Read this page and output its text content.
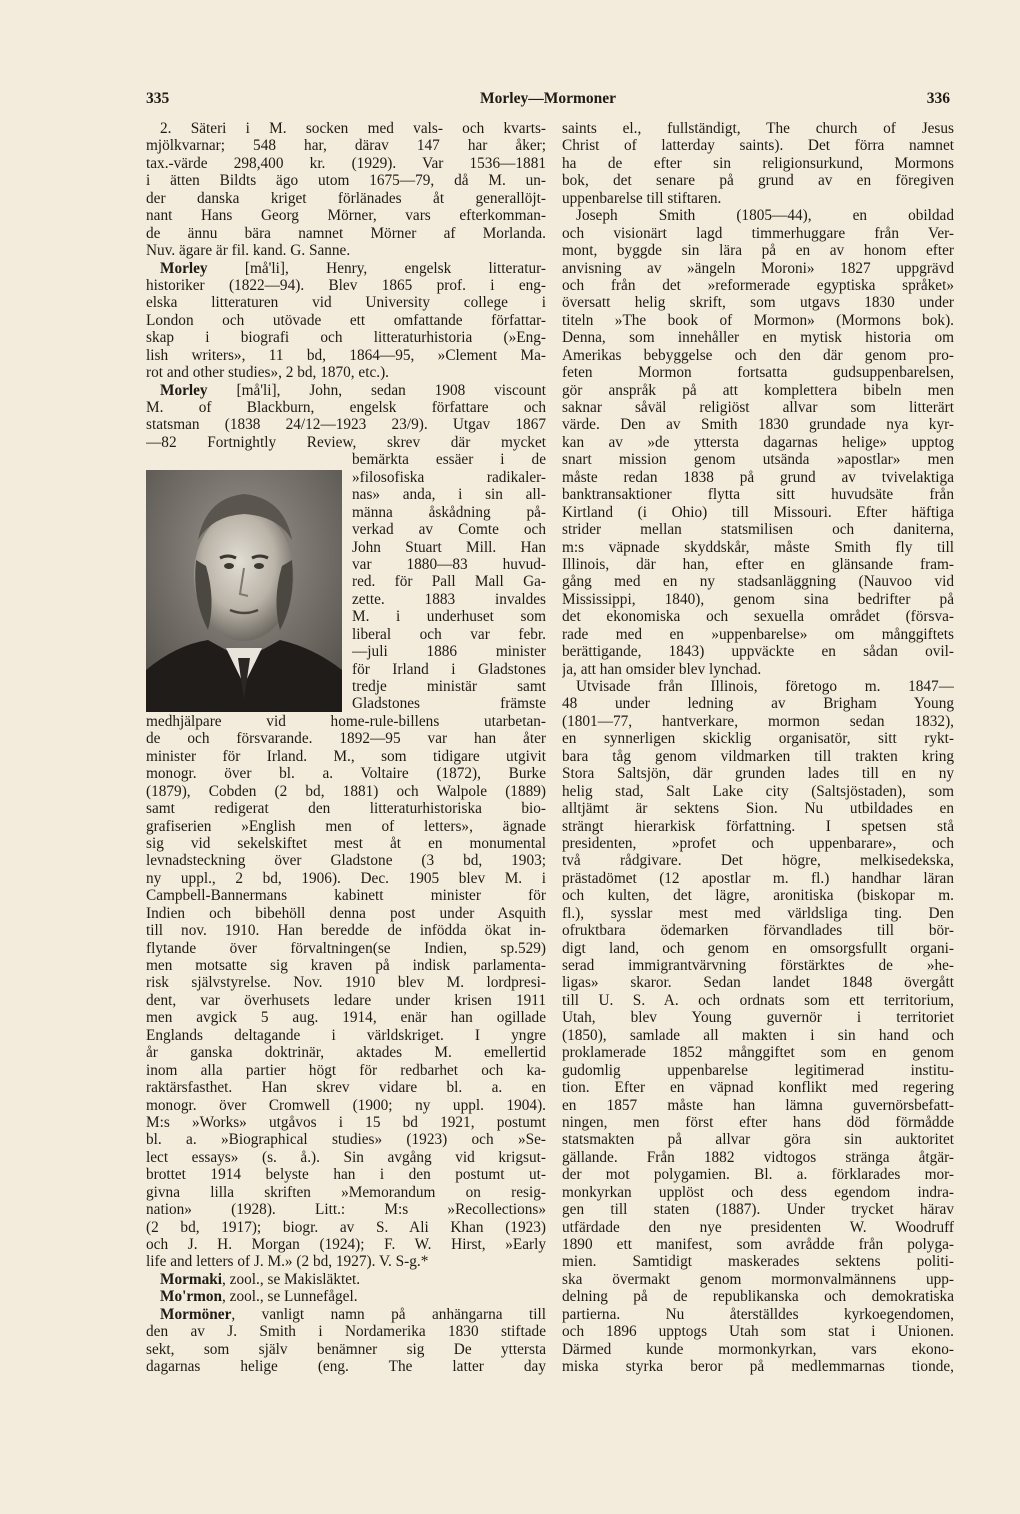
335	Morley—Mormoner	336
2. Säteri i M. socken med vals- och kvarts-
mjölkvarnar; 548 har, därav 147 har åker;
tax.-värde 298,400 kr. (1929). Var 1536—1881
i ätten Bildts ägo utom 1675—79, då M. un-
der danska kriget förlänades åt generallöjt-
nant Hans Georg Mörner, vars efterkomman-
de ännu bära namnet Mörner af Morlanda.
Nuv. ägare är fil. kand. G. Sanne.
Morley [må'li], Henry, engelsk litteratur-
historiker (1822—94). Blev 1865 prof. i eng-
elska litteraturen vid University college i
London och utövade ett omfattande författar-
skap i biografi och litteraturhistoria (»Eng-
lish writers», 11 bd, 1864—95, »Clement Ma-
rot and other studies», 2 bd, 1870, etc.).
Morley [må'li], John, sedan 1908 viscount
M. of Blackburn, engelsk författare och
statsman (1838 24/12—1923 23/9). Utgav 1867
—82 Fortnightly Review, skrev där mycket
bemärkta essäer i de
»filosofiska radikaler-
nas» anda, i sin all-
männa åskådning på-
verkad av Comte och
John Stuart Mill. Han
var 1880—83 huvud-
red. för Pall Mall Ga-
zette. 1883 invaldes
M. i underhuset som
liberal och var febr.
—juli 1886 minister
för Irland i Gladstones
tredje ministär samt
Gladstones främste
medhjälpare vid home-rule-billens utarbetan-
de och försvarande. 1892—95 var han åter
minister för Irland. M., som tidigare utgivit
monogr. över bl. a. Voltaire (1872), Burke
(1879), Cobden (2 bd, 1881) och Walpole (1889)
samt redigerat den litteraturhistoriska bio-
grafiserien »English men of letters», ägnade
sig vid sekelskiftet mest åt en monumental
levnadsteckning över Gladstone (3 bd, 1903;
ny uppl., 2 bd, 1906). Dec. 1905 blev M. i
Campbell-Bannermans kabinett minister för
Indien och bibehöll denna post under Asquith
till nov. 1910. Han beredde de infödda ökat in-
flytande över förvaltningen(se Indien, sp.529)
men motsatte sig kraven på indisk parlamenta-
risk självstyrelse. Nov. 1910 blev M. lordpresi-
dent, var överhusets ledare under krisen 1911
men avgick 5 aug. 1914, enär han ogillade
Englands deltagande i världskriget. I yngre
år ganska doktrinär, aktades M. emellertid
inom alla partier högt för redbarhet och ka-
raktärsfasthet. Han skrev vidare bl. a. en
monogr. över Cromwell (1900; ny uppl. 1904).
M:s »Works» utgåvos i 15 bd 1921, postumt
bl. a. »Biographical studies» (1923) och »Se-
lect essays» (s. å.). Sin avgång vid krigsut-
brottet 1914 belyste han i den postumt ut-
givna lilla skriften »Memorandum on resig-
nation» (1928). Litt.: M:s »Recollections»
(2 bd, 1917); biogr. av S. Ali Khan (1923)
och J. H. Morgan (1924); F. W. Hirst, »Early
life and letters of J. M.» (2 bd, 1927). V. S-g.*
Mormaki, zool., se Makisläktet.
Mo'rmon, zool., se Lunnefågel.
Mormöner, vanligt namn på anhängarna till
den av J. Smith i Nordamerika 1830 stiftade
sekt, som själv benämner sig De yttersta
dagarnas helige (eng. The latter day
saints el., fullständigt, The church of Jesus
Christ of latterday saints). Det förra namnet
ha de efter sin religionsurkund, Mormons
bok, det senare på grund av en föregiven
uppenbarelse till stiftaren.
Joseph Smith (1805—44), en obildad
och visionärt lagd timmerhuggare från Ver-
mont, byggde sin lära på en av honom efter
anvisning av »ängeln Moroni» 1827 uppgrävd
och från det »reformerade egyptiska språket»
översatt helig skrift, som utgavs 1830 under
titeln »The book of Mormon» (Mormons bok).
Denna, som innehåller en mytisk historia om
Amerikas bebyggelse och den där genom pro-
feten Mormon fortsatta gudsuppenbarelsen,
gör anspråk på att komplettera bibeln men
saknar såväl religiöst allvar som litterärt
värde. Den av Smith 1830 grundade nya kyr-
kan av »de yttersta dagarnas helige» upptog
snart mission genom utsända »apostlar» men
måste redan 1838 på grund av tvivelaktiga
banktransaktioner flytta sitt huvudsäte från
Kirtland (i Ohio) till Missouri. Efter häftiga
strider mellan statsmilisen och daniterna,
m:s väpnade skyddskår, måste Smith fly till
Illinois, där han, efter en glänsande fram-
gång med en ny stadsanläggning (Nauvoo vid
Mississippi, 1840), genom sina bedrifter på
det ekonomiska och sexuella området (försva-
rade med en »uppenbarelse» om månggiftets
berättigande, 1843) uppväckte en sådan ovil-
ja, att han omsider blev lynchad.
Utvisade från Illinois, företogo m. 1847—
48 under ledning av Brigham Young
(1801—77, hantverkare, mormon sedan 1832),
en synnerligen skicklig organisatör, sitt rykt-
bara tåg genom vildmarken till trakten kring
Stora Saltsjön, där grunden lades till en ny
helig stad, Salt Lake city (Saltsjöstaden), som
alltjämt är sektens Sion. Nu utbildades en
strängt hierarkisk författning. I spetsen stå
presidenten, »profet och uppenbarare», och
två rådgivare. Det högre, melkisedekska,
prästadömet (12 apostlar m. fl.) handhar läran
och kulten, det lägre, aronitiska (biskopar m.
fl.), sysslar mest med världsliga ting. Den
ofruktbara ödemarken förvandlades till bör-
digt land, och genom en omsorgsfullt organi-
serad immigrantvärvning förstärktes de »he-
ligas» skaror. Sedan landet 1848 övergått
till U. S. A. och ordnats som ett territorium,
Utah, blev Young guvernör i territoriet
(1850), samlade all makten i sin hand och
proklamerade 1852 månggiftet som en genom
gudomlig uppenbarelse legitimerad institu-
tion. Efter en väpnad konflikt med regering
en 1857 måste han lämna guvernörsbefatt-
ningen, men först efter hans död förmådde
statsmakten på allvar göra sin auktoritet
gällande. Från 1882 vidtogos stränga åtgär-
der mot polygamien. Bl. a. förklarades mor-
monkyrkan upplöst och dess egendom indra-
gen till staten (1887). Under trycket härav
utfärdade den nye presidenten W. Woodruff
1890 ett manifest, som avrådde från polyga-
mien. Samtidigt maskerades sektens politi-
ska övermakt genom mormonvalmännens upp-
delning på de republikanska och demokratiska
partierna. Nu återställdes kyrkoegendomen,
och 1896 upptogs Utah som stat i Unionen.
Därmed kunde mormonkyrkan, vars ekono-
miska styrka beror på medlemmarnas tionde,
